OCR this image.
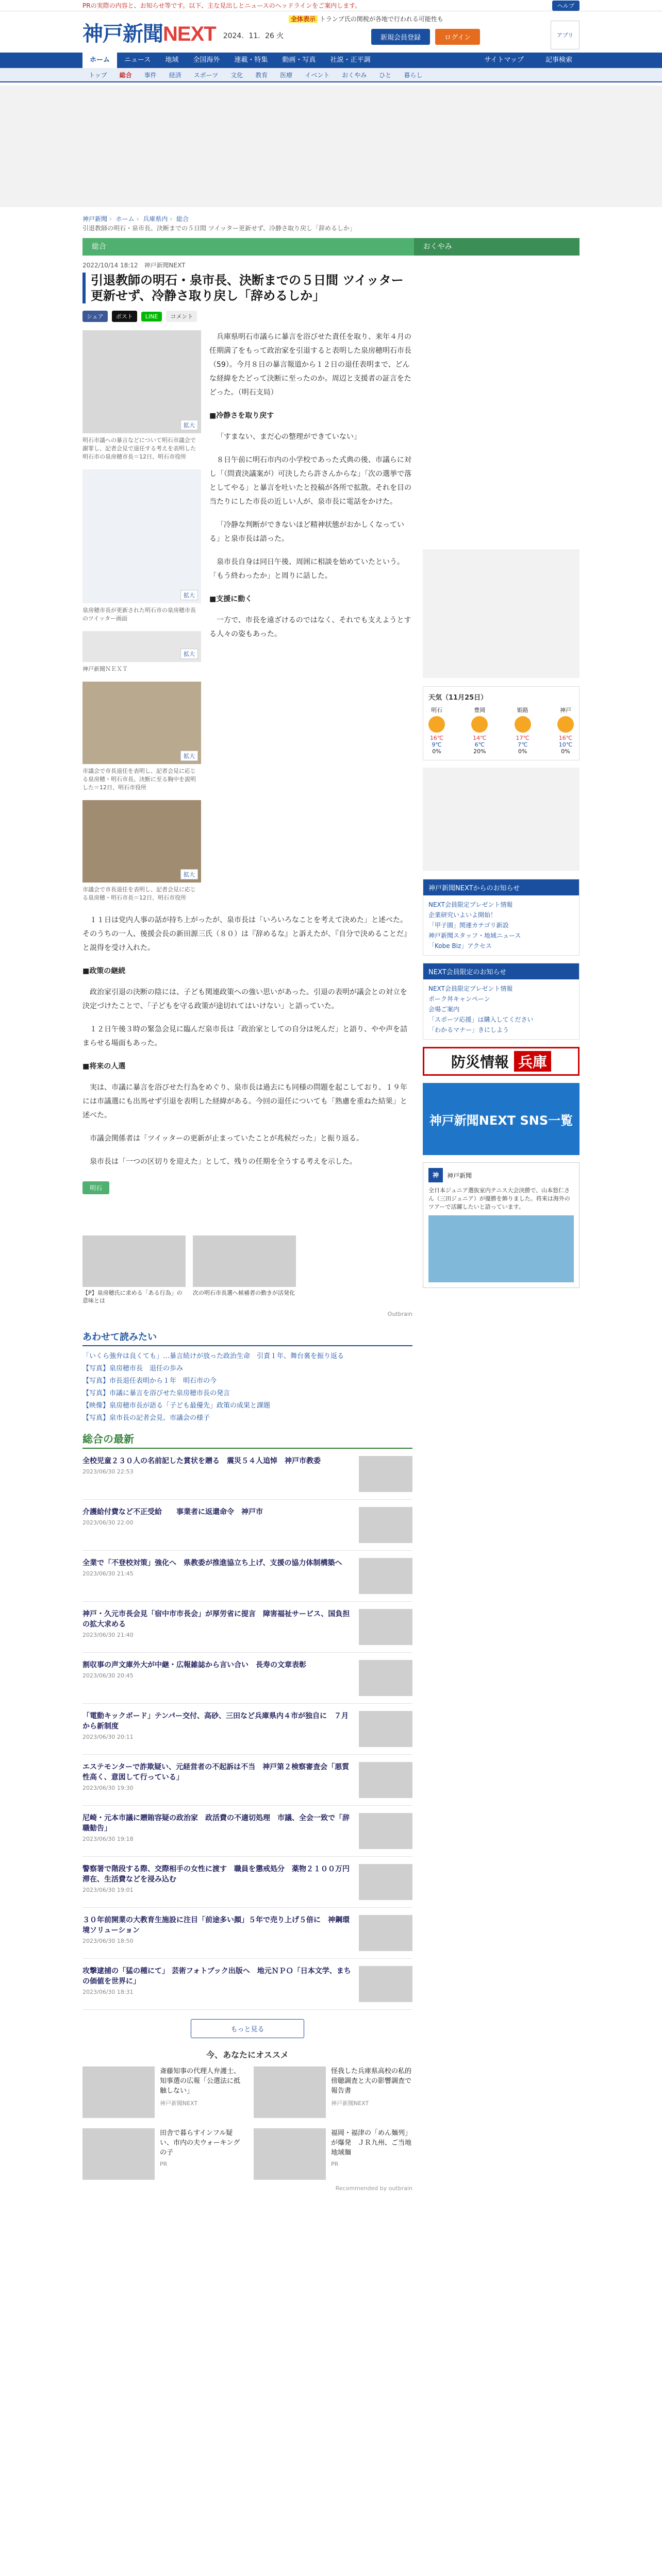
PRの実際の内容と、お知らせ等です。以下、主な見出しとニュースのヘッドラインをご案内します。	ヘルプ
神戸新聞NEXT 2024．11．26 火
全体表示 トランプ氏の関税が各地で行われる可能性も
新規会員登録	ログイン	アプリ
ホーム	ニュース	地域	全国海外	連載・特集	動画・写真	社説・正平調	サイトマップ	記事検索
トップ	総合	事件	経済	スポーツ	文化	教育	医療	イベント	おくやみ	ひと	暮らし
神戸新聞 › ホーム › 兵庫県内 › 総合
引退教師の明石・泉市長、決断までの５日間 ツイッター更新せず、冷静さ取り戻し「辞めるしか」
総合	おくやみ
2022/10/14 18:12　神戸新聞NEXT
引退教師の明石・泉市長、決断までの５日間 ツイッター更新せず、冷静さ取り戻し「辞めるしか」
シェア	ポスト	LINE	コメント
拡大
明石市議への暴言などについて明石市議会で謝罪し、記者会見で退任する考えを表明した明石市の泉房穂市長＝12日、明石市役所
拡大
泉房穂市長が更新された明石市の泉房穂市長のツイッター画面
拡大
神戸新聞ＮＥＸＴ
拡大
市議会で市長退任を表明し、記者会見に応じる泉房穂・明石市長。決断に至る胸中を説明した＝12日、明石市役所
拡大
市議会で市長退任を表明し、記者会見に応じる泉房穂・明石市長＝12日、明石市役所

兵庫県明石市議らに暴言を浴びせた責任を取り、来年４月の任期満了をもって政治家を引退すると表明した泉房穂明石市長（59）。今月８日の暴言報道から１２日の退任表明まで、どんな経緯をたどって決断に至ったのか。周辺と支援者の証言をたどった。（明石支局）

■冷静さを取り戻す

「すまない、まだ心の整理ができていない」

８日午前に明石市内の小学校であった式典の後、市議らに対し「（問責決議案が）可決したら許さんからな」「次の選挙で落としてやる」と暴言を吐いたと投稿が各所で拡散。それを目の当たりにした市長の近しい人が、泉市長に電話をかけた。

「冷静な判断ができないほど精神状態がおかしくなっている」と泉市長は語った。

泉市長自身は同日午後、周囲に相談を始めていたという。「もう終わったか」と周りに話した。

■支援に動く

一方で、市長を遠ざけるのではなく、それでも支えようとする人々の姿もあった。

１１日は党内人事の話が持ち上がったが、泉市長は「いろいろなことを考えて決めた」と述べた。そのうちの一人、後援会長の新田源三氏（８０）は『辞めるな』と訴えたが、『自分で決めることだ』と説得を受け入れた。

■政策の継続

政治家引退の決断の陰には、子ども関連政策への強い思いがあった。引退の表明が議会との対立を決定づけたことで、「子どもを守る政策が途切れてはいけない」と語っていた。

１２日午後３時の緊急会見に臨んだ泉市長は「政治家としての自分は死んだ」と語り、やや声を詰まらせる場面もあった。

■将来の人選

実は、市議に暴言を浴びせた行為をめぐり、泉市長は過去にも同様の問題を起こしており、１９年には市議選にも出馬せず引退を表明した経緯がある。今回の退任についても「熟慮を重ねた結果」と述べた。

市議会関係者は「ツイッターの更新が止まっていたことが兆候だった」と振り返る。

泉市長は「一つの区切りを迎えた」として、残りの任期を全うする考えを示した。

明石
【P】泉房穂氏に求める「ある行為」の意味とは
次の明石市長選へ候補者の動きが活発化
Outbrain
あわせて読みたい
「いくら強弁は良くても」…暴言続けが放った政治生命　引責１年、舞台裏を振り返る
【写真】泉房穂市長　退任の歩み
【写真】市長退任表明から１年　明石市の今
【写真】市議に暴言を浴びせた泉房穂市長の発言
【映像】泉房穂市長が語る「子ども最優先」政策の成果と課題
【写真】泉市長の記者会見、市議会の様子
総合の最新
全校児童２３０人の名前記した賞状を贈る　震災５４人追悼　神戸市教委
2023/06/30 22:53
介護給付費など不正受給　　事業者に返還命令　神戸市
2023/06/30 22:00
全業で「不登校対策」強化へ　県教委が推進協立ち上げ、支援の協力体制構築へ
2023/06/30 21:45
神戸・久元市長会見「宿中市市長会」が厚労省に提言　障害福祉サービス、国負担の拡大求める
2023/06/30 21:40
割収事の声文庫外大が中継・広報雑誌から言い合い　長寿の文章表彰
2023/06/30 20:45
「電動キックボード」テンパー交付、高砂、三田など兵庫県内４市が独自に　７月から新制度
2023/06/30 20:11
エステモンターで詐欺疑い、元経営者の不起訴は不当　神戸第２検察審査会「悪質性高く、意図して行っている」
2023/06/30 19:30
尼崎・元本市議に贈賄容疑の政治家　政活費の不適切処理　市議、全会一致で「辞職勧告」
2023/06/30 19:18
警察署で階段する際、交際相手の女性に渡す　職員を懲戒処分　薬物２１００万円滞在、生活費などを浸み込む
2023/06/30 19:01
３０年前開業の大教育生施設に注目「前途多い顔」５年で売り上げ５倍に　神鋼環境ソリューション
2023/06/30 18:50
攻撃逮捕の「猛の種にて」 芸術フォトブック出版へ　地元ＮＰＯ「日本文学、まちの価値を世界に」
2023/06/30 18:31
もっと見る
今、あなたにオススメ
斎藤知事の代理人弁護士、知事選の広報「公選法に抵触しない」
神戸新聞NEXT
怪我した兵庫県高校の私的傍聴調査と大の影響調査で報告書
神戸新聞NEXT
田舎で暮らすインフル疑い、市内の夫ウォーキングの子
PR
福岡・福津の「めん麺列」が爆発　ＪＲ九州、ご当地地域麺
PR
Recommended by outbrain
天気（11月25日）
明石
16℃
9℃
0%
豊岡
14℃
6℃
20%
姫路
17℃
7℃
0%
神戸
16℃
10℃
0%
神戸新聞NEXTからのお知らせ
NEXT会員限定プレゼント情報
企業研究いよいよ開始！
「甲子園」関連カテゴリ新設
神戸新聞スタッフ・地域ニュース
「Kobe Biz」アクセス
NEXT会員限定のお知らせ
NEXT会員限定プレゼント情報
ポーク丼キャンペーン
会場ご案内
「スポーツ応援」は購入してください
「わかるマナー」きにしよう
防災情報 兵庫
神戸新聞NEXT SNS一覧
神	神戸新聞
全日本ジュニア選抜室内テニス大会決勝で、山本悠仁さん（三田ジュニア）が優勝を飾りました。将来は海外のツアーで活躍したいと語っています。
